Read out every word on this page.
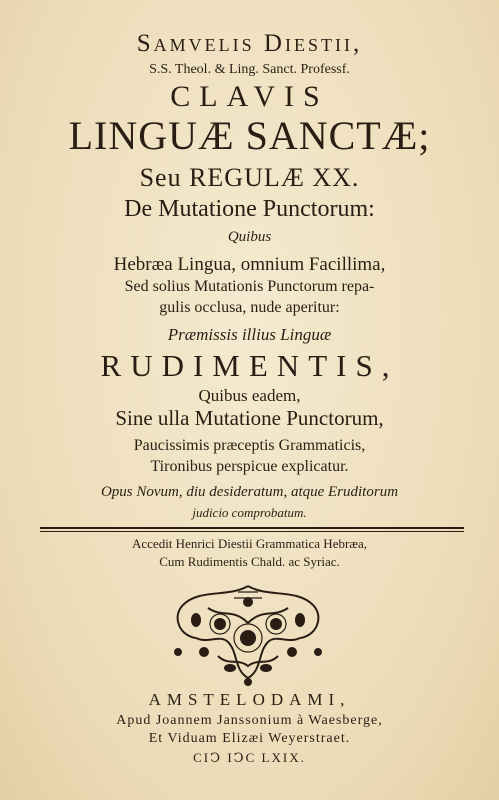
Samvelis Diestii,
S.S. Theol. & Ling. Sanct. Professf.
CLAVIS
LINGUÆ SANCTÆ;
Seu REGULÆ XX.
De Mutatione Punctorum:
Quibus
Hebræa Lingua, omnium Facillima,
Sed solius Mutationis Punctorum repa-
gulis occlusa, nude aperitur:
Præmissis illius Linguæ
RUDIMENTIS,
Quibus eadem,
Sine ulla Mutatione Punctorum,
Paucissimis præceptis Grammaticis,
Tironibus perspicue explicatur.
Opus Novum, diu desideratum, atque Eruditorum
judicio comprobatum.
Accedit Henrici Diestii Grammatica Hebræa,
Cum Rudimentis Chald. ac Syriac.
AMSTELODAMI,
Apud Joannem Janssonium à Waesberge,
Et Viduam Elizæi Weyerstraet.
CIↃ IↃC LXIX.
